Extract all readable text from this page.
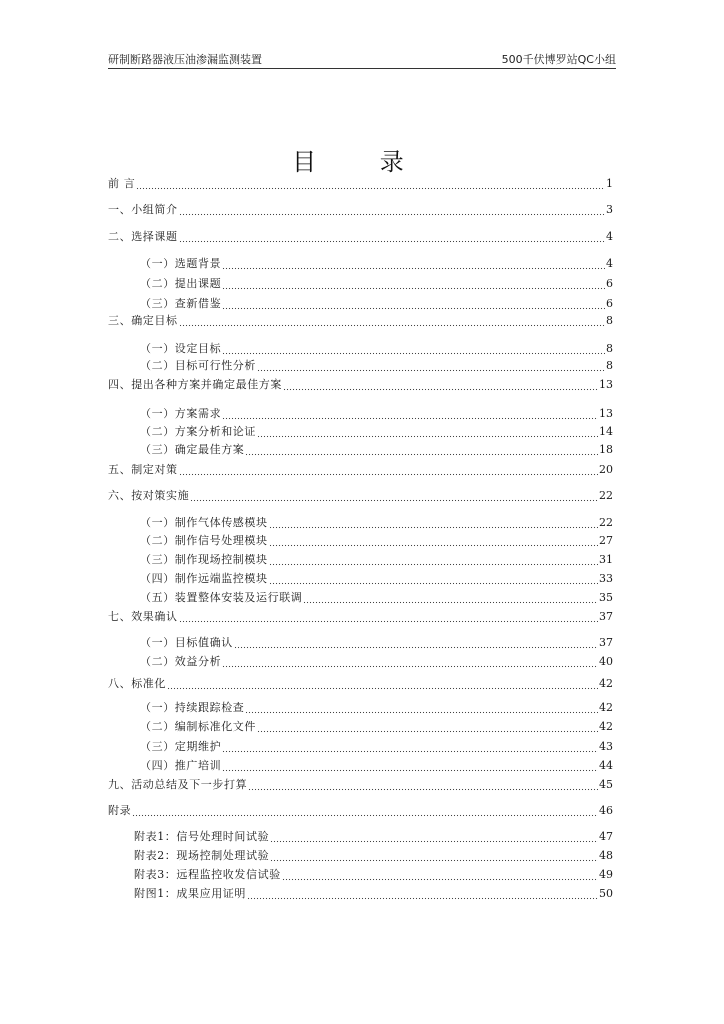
研制断路器液压油渗漏监测装置	500千伏博罗站QC小组
目 录
前 言	1
一、小组简介	3
二、选择课题	4
（一）选题背景	4
（二）提出课题	6
（三）查新借鉴	6
三、确定目标	8
（一）设定目标	8
（二）目标可行性分析	8
四、提出各种方案并确定最佳方案	13
（一）方案需求	13
（二）方案分析和论证	14
（三）确定最佳方案	18
五、制定对策	20
六、按对策实施	22
（一）制作气体传感模块	22
（二）制作信号处理模块	27
（三）制作现场控制模块	31
（四）制作远端监控模块	33
（五）装置整体安装及运行联调	35
七、效果确认	37
（一）目标值确认	37
（二）效益分析	40
八、标准化	42
（一）持续跟踪检查	42
（二）编制标准化文件	42
（三）定期维护	43
（四）推广培训	44
九、活动总结及下一步打算	45
附录	46
附表1：信号处理时间试验	47
附表2：现场控制处理试验	48
附表3：远程监控收发信试验	49
附图1：成果应用证明	50
